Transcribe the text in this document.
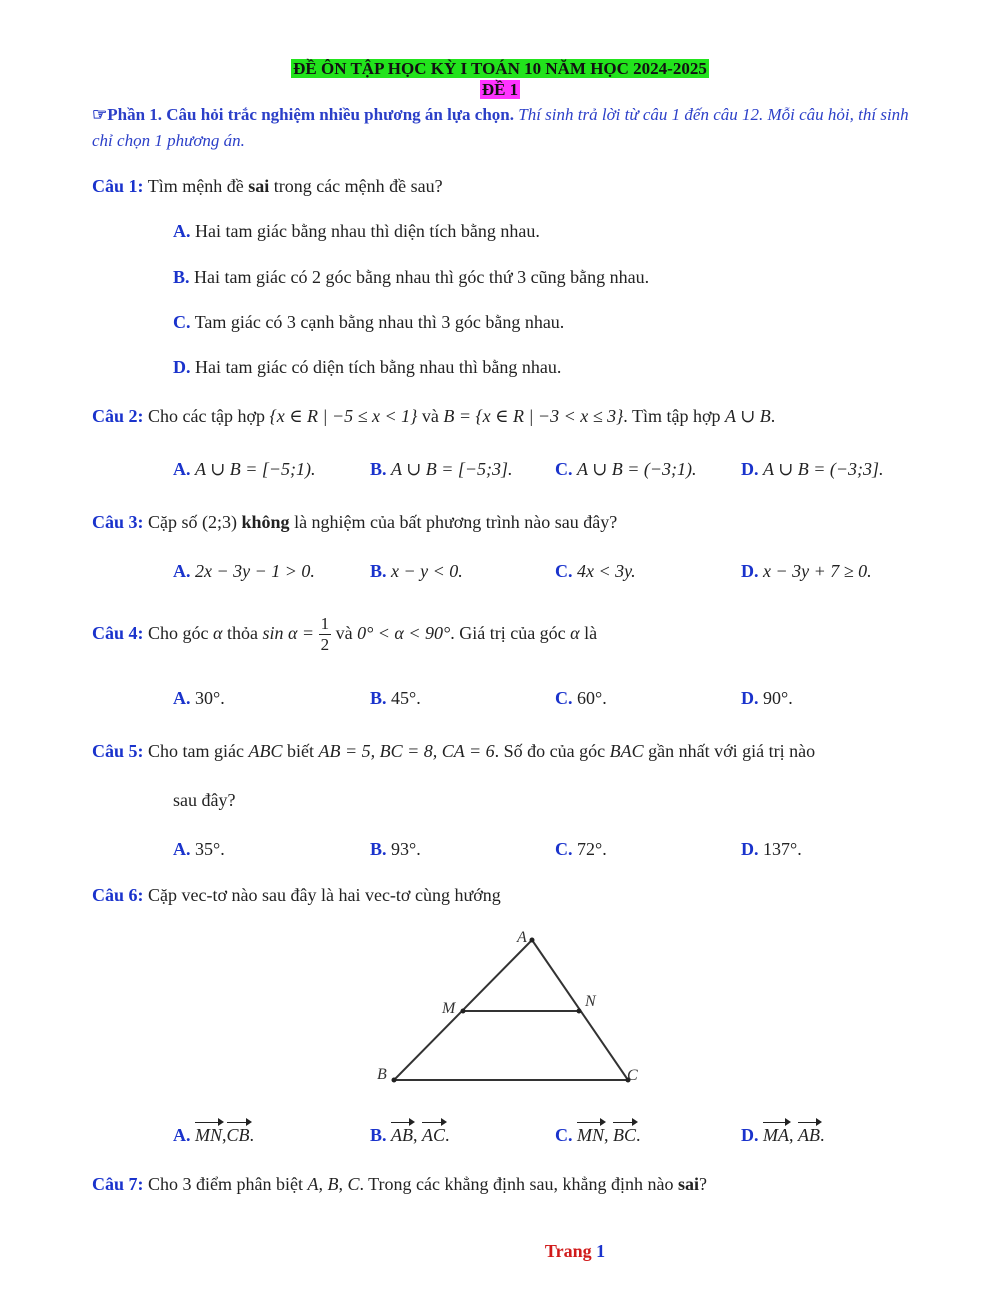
ĐỀ ÔN TẬP HỌC KỲ I TOÁN 10 NĂM HỌC 2024-2025
ĐỀ 1
☞Phần 1. Câu hỏi trắc nghiệm nhiều phương án lựa chọn. Thí sinh trả lời từ câu 1 đến câu 12. Mỗi câu hỏi, thí sinh chỉ chọn 1 phương án.
Câu 1: Tìm mệnh đề sai trong các mệnh đề sau?
A. Hai tam giác bằng nhau thì diện tích bằng nhau.
B. Hai tam giác có 2 góc bằng nhau thì góc thứ 3 cũng bằng nhau.
C. Tam giác có 3 cạnh bằng nhau thì 3 góc bằng nhau.
D. Hai tam giác có diện tích bằng nhau thì bằng nhau.
Câu 2: Cho các tập hợp {x ∈ R | −5 ≤ x < 1} và B = {x ∈ R | −3 < x ≤ 3}. Tìm tập hợp A ∪ B.
A. A ∪ B = [−5;1).	B. A ∪ B = [−5;3]. C. A ∪ B = (−3;1). D. A ∪ B = (−3;3].
Câu 3: Cặp số (2;3) không là nghiệm của bất phương trình nào sau đây?
A. 2x − 3y − 1 > 0.	B. x − y < 0.	C. 4x < 3y.	D. x − 3y + 7 ≥ 0.
Câu 4: Cho góc α thỏa $\sin \alpha = \frac{1}{2}$ và 0° < α < 90°. Giá trị của góc α là
A. 30°.	B. 45°.	C. 60°.	D. 90°.
Câu 5: Cho tam giác ABC biết AB = 5, BC = 8, CA = 6. Số đo của góc BAC gần nhất với giá trị nào
sau đây?
A. 35°.	B. 93°.	C. 72°.	D. 137°.
Câu 6: Cặp vec-tơ nào sau đây là hai vec-tơ cùng hướng
A
M	N
B	C
A. MN,CB.	B. AB, AC.	C. MN, BC.	D. MA, AB.
Câu 7: Cho 3 điểm phân biệt A, B, C. Trong các khẳng định sau, khẳng định nào sai?
Trang 1
